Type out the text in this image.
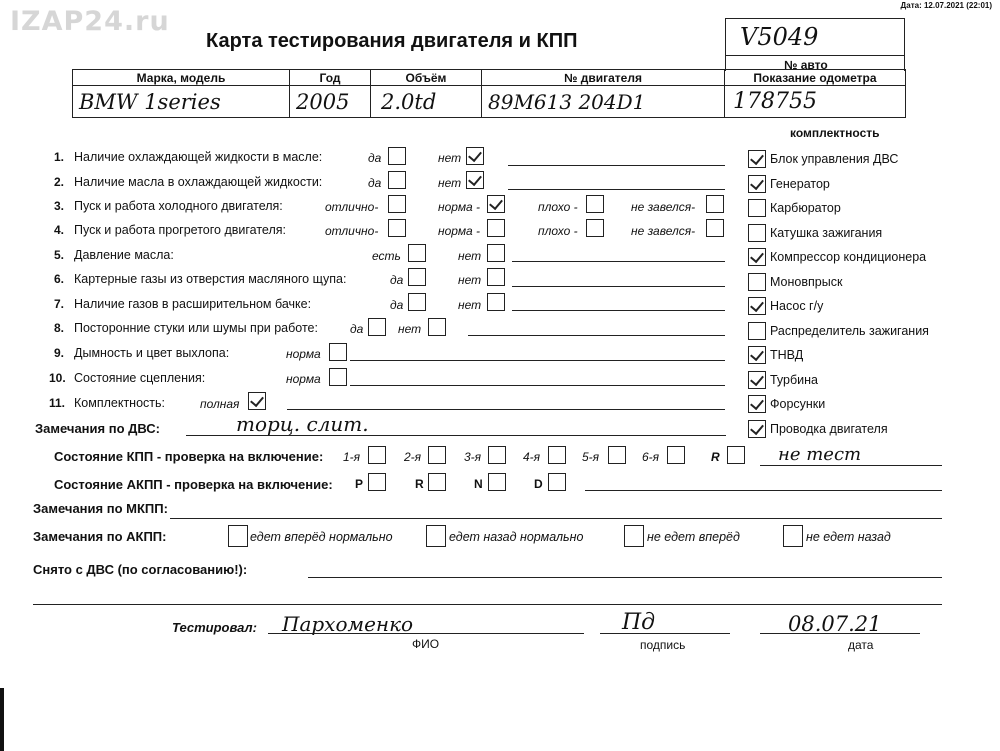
IZAP24.ru
Дата: 12.07.2021 (22:01)
Карта тестирования двигателя и КПП	V5049
№ авто
Марка, модель	Год	Объём	№ двигателя	Показание одометра
BMW 1series	2005	2.0td	89М613 204D1	178755
комплектность
1. Наличие охлаждающей жидкости в масле:	да	нет
2. Наличие масла в охлаждающей жидкости:	да	нет
3. Пуск и работа холодного двигателя:	отлично-	норма -	плохо -	не завелся-
4. Пуск и работа прогретого двигателя:	отлично-	норма -	плохо -	не завелся-
5. Давление масла:	есть	нет
6. Картерные газы из отверстия масляного щупа:	да	нет
7. Наличие газов в расширительном бачке:	да	нет
8. Посторонние стуки или шумы при работе:	да	нет
9. Дымность и цвет выхлопа:	норма
10. Состояние сцепления:	норма
11. Комплектность:	полная
Блок управления ДВС
Генератор
Карбюратор
Катушка зажигания
Компрессор кондиционера
Моновпрыск
Насос г/у
Распределитель зажигания
ТНВД
Турбина
Форсунки
Проводка двигателя
Замечания по ДВС:	торц. слит.
Состояние КПП - проверка на включение: 1-я	2-я	3-я	4-я	5-я	6-я	R	не тест
Состояние АКПП - проверка на включение: P	R	N	D
Замечания по МКПП:
Замечания по АКПП:	едет вперёд нормально	едет назад нормально	не едет вперёд	не едет назад
Снято с ДВС (по согласованию!):
Тестировал: Пархоменко
ФИО
Пд
подпись
08.07.21
дата
